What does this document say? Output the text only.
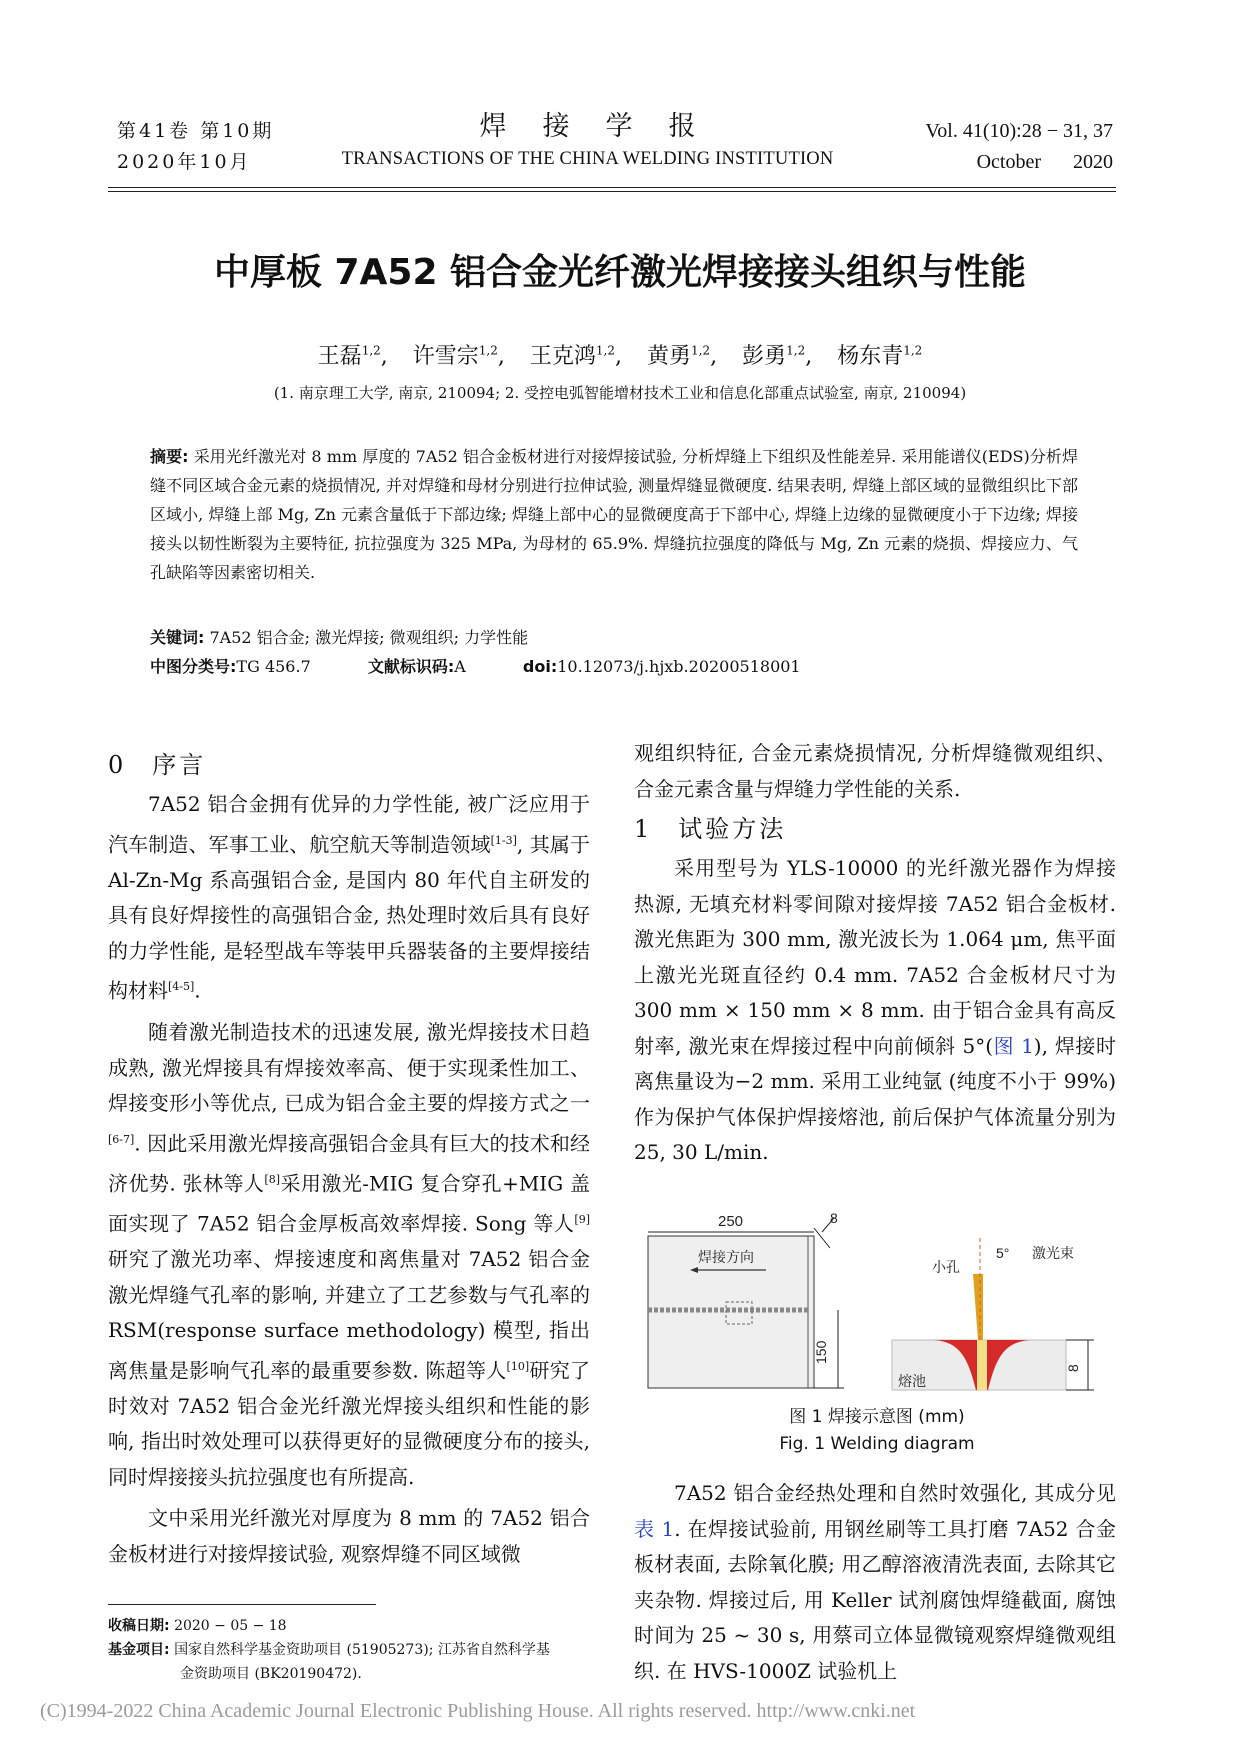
第41卷 第10期
2020年10月
焊接学报
TRANSACTIONS OF THE CHINA WELDING INSTITUTION
Vol. 41(10):28 − 31, 37
October 2020
中厚板 7A52 铝合金光纤激光焊接接头组织与性能
王磊$^{1,2}$, 许雪宗$^{1,2}$, 王克鸿$^{1,2}$, 黄勇$^{1,2}$, 彭勇$^{1,2}$, 杨东青$^{1,2}$
(1. 南京理工大学, 南京, 210094; 2. 受控电弧智能增材技术工业和信息化部重点试验室, 南京, 210094)
摘要: 采用光纤激光对 8 mm 厚度的 7A52 铝合金板材进行对接焊接试验, 分析焊缝上下组织及性能差异. 采用能谱仪(EDS)分析焊缝不同区域合金元素的烧损情况, 并对焊缝和母材分别进行拉伸试验, 测量焊缝显微硬度. 结果表明, 焊缝上部区域的显微组织比下部区域小, 焊缝上部 Mg, Zn 元素含量低于下部边缘; 焊缝上部中心的显微硬度高于下部中心, 焊缝上边缘的显微硬度小于下边缘; 焊接接头以韧性断裂为主要特征, 抗拉强度为 325 MPa, 为母材的 65.9%. 焊缝抗拉强度的降低与 Mg, Zn 元素的烧损、焊接应力、气孔缺陷等因素密切相关.
关键词: 7A52 铝合金; 激光焊接; 微观组织; 力学性能
中图分类号:TG 456.7	文献标识码:A	doi:10.12073/j.hjxb.20200518001
0 序言

7A52 铝合金拥有优异的力学性能, 被广泛应用于汽车制造、军事工业、航空航天等制造领域[1-3], 其属于 Al-Zn-Mg 系高强铝合金, 是国内 80 年代自主研发的具有良好焊接性的高强铝合金, 热处理时效后具有良好的力学性能, 是轻型战车等装甲兵器装备的主要焊接结构材料[4-5].

随着激光制造技术的迅速发展, 激光焊接技术日趋成熟, 激光焊接具有焊接效率高、便于实现柔性加工、焊接变形小等优点, 已成为铝合金主要的焊接方式之一[6-7]. 因此采用激光焊接高强铝合金具有巨大的技术和经济优势. 张林等人[8]采用激光-MIG 复合穿孔+MIG 盖面实现了 7A52 铝合金厚板高效率焊接. Song 等人[9]研究了激光功率、焊接速度和离焦量对 7A52 铝合金激光焊缝气孔率的影响, 并建立了工艺参数与气孔率的 RSM(response surface methodology) 模型, 指出离焦量是影响气孔率的最重要参数. 陈超等人[10]研究了时效对 7A52 铝合金光纤激光焊接头组织和性能的影响, 指出时效处理可以获得更好的显微硬度分布的接头, 同时焊接接头抗拉强度也有所提高.

文中采用光纤激光对厚度为 8 mm 的 7A52 铝合金板材进行对接焊接试验, 观察焊缝不同区域微

观组织特征, 合金元素烧损情况, 分析焊缝微观组织、合金元素含量与焊缝力学性能的关系.

1 试验方法

采用型号为 YLS-10000 的光纤激光器作为焊接热源, 无填充材料零间隙对接焊接 7A52 铝合金板材. 激光焦距为 300 mm, 激光波长为 1.064 μm, 焦平面上激光光斑直径约 0.4 mm. 7A52 合金板材尺寸为 300 mm × 150 mm × 8 mm. 由于铝合金具有高反射率, 激光束在焊接过程中向前倾斜 5°(图 1), 焊接时离焦量设为−2 mm. 采用工业纯氩 (纯度不小于 99%) 作为保护气体保护焊接熔池, 前后保护气体流量分别为 25, 30 L/min.

250	8
焊接方向
150
5° 激光束
小孔
熔池
8
图 1 焊接示意图 (mm)
Fig. 1 Welding diagram

7A52 铝合金经热处理和自然时效强化, 其成分见表 1. 在焊接试验前, 用钢丝刷等工具打磨 7A52 合金板材表面, 去除氧化膜; 用乙醇溶液清洗表面, 去除其它夹杂物. 焊接过后, 用 Keller 试剂腐蚀焊缝截面, 腐蚀时间为 25 ~ 30 s, 用蔡司立体显微镜观察焊缝微观组织. 在 HVS-1000Z 试验机上

收稿日期: 2020 − 05 − 18
基金项目: 国家自然科学基金资助项目 (51905273); 江苏省自然科学基
金资助项目 (BK20190472).
(C)1994-2022 China Academic Journal Electronic Publishing House. All rights reserved. http://www.cnki.net
